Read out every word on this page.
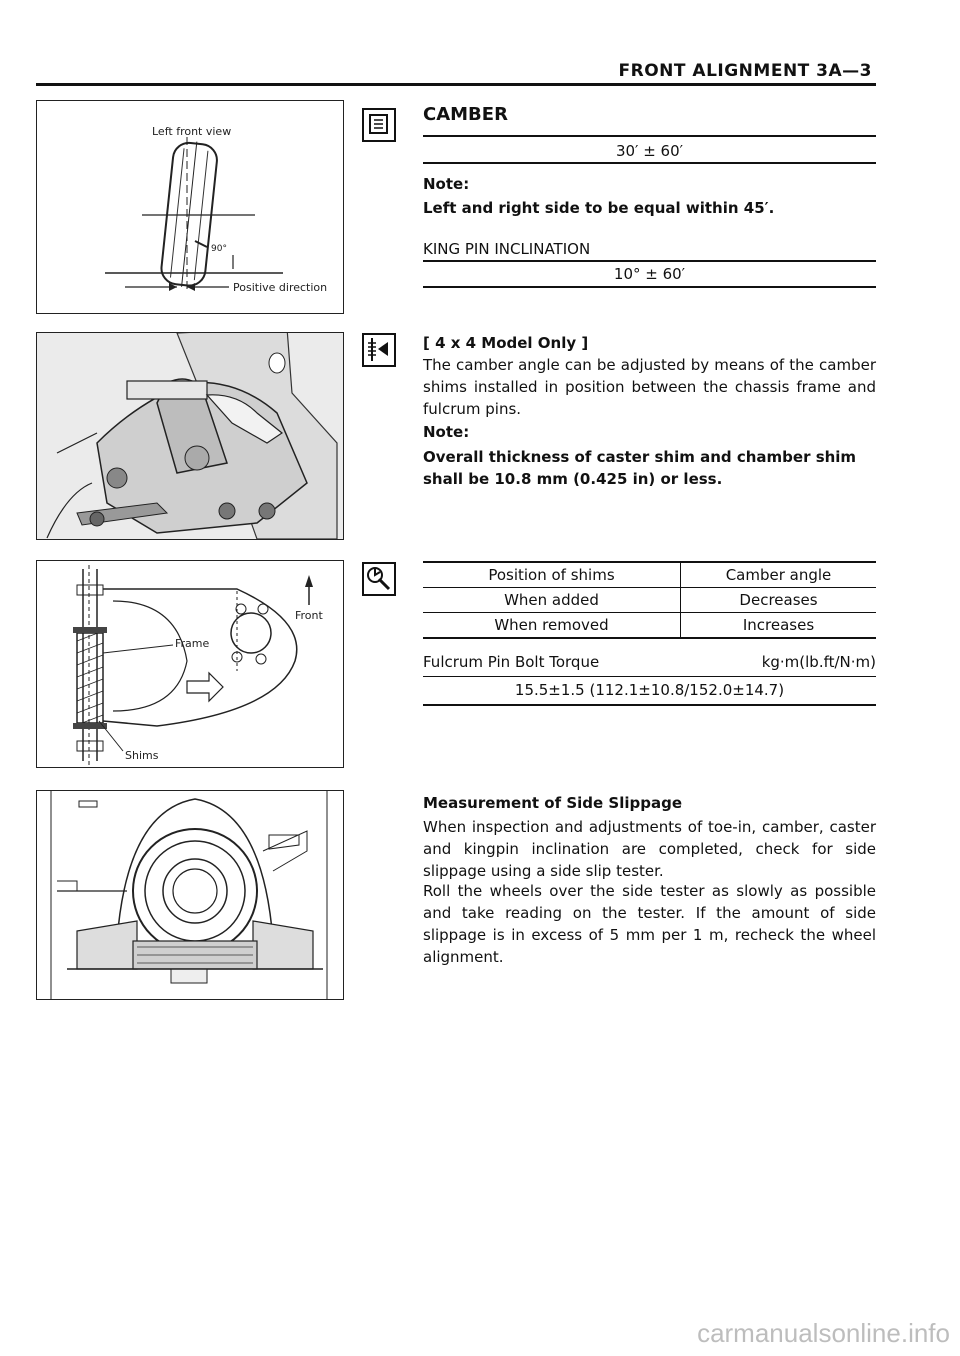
FRONT ALIGNMENT 3A—3
Left front view
90°
Positive direction
Front
Frame
Shims
CAMBER
30′ ± 60′
Note:
Left and right side to be equal within 45′.
KING PIN INCLINATION
10° ± 60′
[ 4 x 4 Model Only ]
The camber angle can be adjusted by means of the camber shims installed in position between the chassis frame and fulcrum pins.
Note:
Overall thickness of caster shim and chamber shim shall be 10.8 mm (0.425 in) or less.
Position of shims	Camber angle
When added	Decreases
When removed	Increases
Fulcrum Pin Bolt Torque	kg·m(lb.ft/N·m)
15.5±1.5 (112.1±10.8/152.0±14.7)
Measurement of Side Slippage
When inspection and adjustments of toe-in, camber, caster and kingpin inclination are completed, check for side slippage using a side slip tester.
Roll the wheels over the side tester as slowly as possible and take reading on the tester. If the amount of side slippage is in excess of 5 mm per 1 m, recheck the wheel alignment.
carmanualsonline.info
